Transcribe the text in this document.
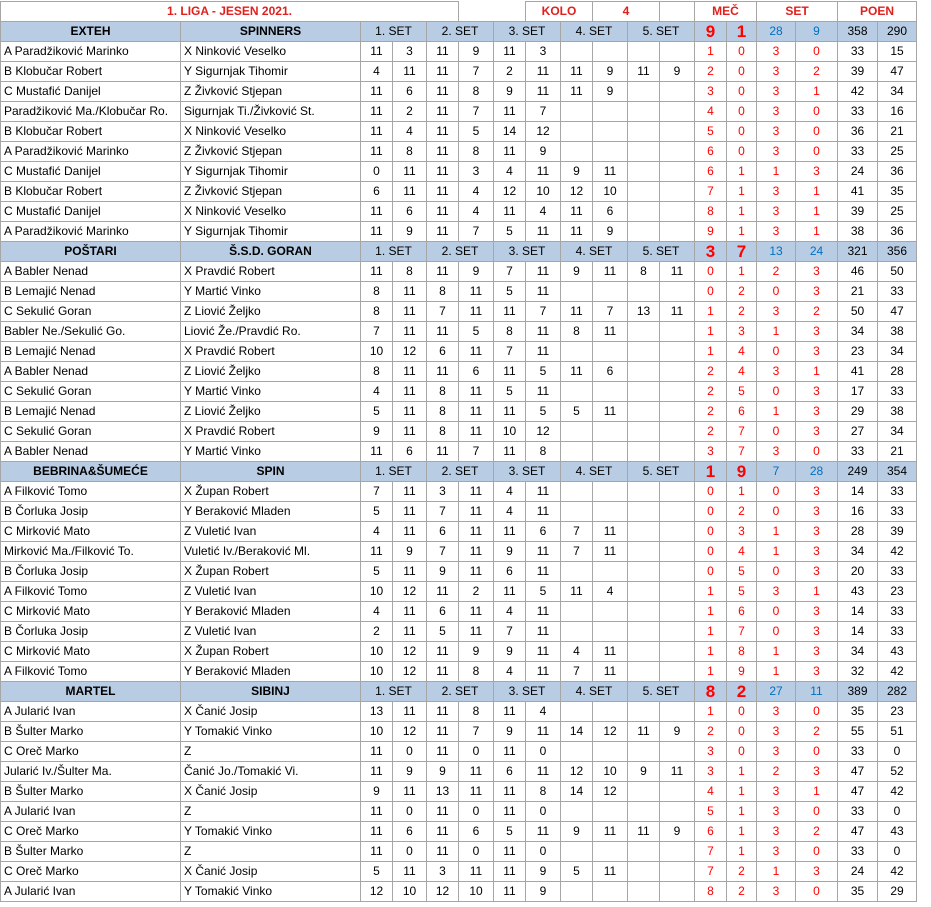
1. LIGA - JESEN 2021.							KOLO		4			MEČ		SET		POEN	
EXTEH	SPINNERS	1. SET		2. SET		3. SET		4. SET		5. SET		9	1	28	9	358	290
A Paradžiković Marinko	X Ninković Veselko	11	3	11	9	11	3					1	0	3	0	33	15
B Klobučar Robert	Y Sigurnjak Tihomir	4	11	11	7	2	11	11	9	11	9	2	0	3	2	39	47
C Mustafić Danijel	Z Živković Stjepan	11	6	11	8	9	11	11	9			3	0	3	1	42	34
Paradžiković Ma./Klobučar Ro.	Sigurnjak Ti./Živković St.	11	2	11	7	11	7					4	0	3	0	33	16
B Klobučar Robert	X Ninković Veselko	11	4	11	5	14	12					5	0	3	0	36	21
A Paradžiković Marinko	Z Živković Stjepan	11	8	11	8	11	9					6	0	3	0	33	25
C Mustafić Danijel	Y Sigurnjak Tihomir	0	11	11	3	4	11	9	11			6	1	1	3	24	36
B Klobučar Robert	Z Živković Stjepan	6	11	11	4	12	10	12	10			7	1	3	1	41	35
C Mustafić Danijel	X Ninković Veselko	11	6	11	4	11	4	11	6			8	1	3	1	39	25
A Paradžiković Marinko	Y Sigurnjak Tihomir	11	9	11	7	5	11	11	9			9	1	3	1	38	36
POŠTARI	Š.S.D. GORAN	1. SET		2. SET		3. SET		4. SET		5. SET		3	7	13	24	321	356
A Babler Nenad	X Pravdić Robert	11	8	11	9	7	11	9	11	8	11	0	1	2	3	46	50
B Lemajić Nenad	Y Martić Vinko	8	11	8	11	5	11					0	2	0	3	21	33
C Sekulić Goran	Z Liović Željko	8	11	7	11	11	7	11	7	13	11	1	2	3	2	50	47
Babler Ne./Sekulić Go.	Liović Že./Pravdić Ro.	7	11	11	5	8	11	8	11			1	3	1	3	34	38
B Lemajić Nenad	X Pravdić Robert	10	12	6	11	7	11					1	4	0	3	23	34
A Babler Nenad	Z Liović Željko	8	11	11	6	11	5	11	6			2	4	3	1	41	28
C Sekulić Goran	Y Martić Vinko	4	11	8	11	5	11					2	5	0	3	17	33
B Lemajić Nenad	Z Liović Željko	5	11	8	11	11	5	5	11			2	6	1	3	29	38
C Sekulić Goran	X Pravdić Robert	9	11	8	11	10	12					2	7	0	3	27	34
A Babler Nenad	Y Martić Vinko	11	6	11	7	11	8					3	7	3	0	33	21
BEBRINA&ŠUMEĆE	SPIN	1. SET		2. SET		3. SET		4. SET		5. SET		1	9	7	28	249	354
A Filković Tomo	X Župan Robert	7	11	3	11	4	11					0	1	0	3	14	33
B Čorluka Josip	Y Beraković Mladen	5	11	7	11	4	11					0	2	0	3	16	33
C Mirković Mato	Z Vuletić Ivan	4	11	6	11	11	6	7	11			0	3	1	3	28	39
Mirković Ma./Filković To.	Vuletić Iv./Beraković Ml.	11	9	7	11	9	11	7	11			0	4	1	3	34	42
B Čorluka Josip	X Župan Robert	5	11	9	11	6	11					0	5	0	3	20	33
A Filković Tomo	Z Vuletić Ivan	10	12	11	2	11	5	11	4			1	5	3	1	43	23
C Mirković Mato	Y Beraković Mladen	4	11	6	11	4	11					1	6	0	3	14	33
B Čorluka Josip	Z Vuletić Ivan	2	11	5	11	7	11					1	7	0	3	14	33
C Mirković Mato	X Župan Robert	10	12	11	9	9	11	4	11			1	8	1	3	34	43
A Filković Tomo	Y Beraković Mladen	10	12	11	8	4	11	7	11			1	9	1	3	32	42
MARTEL	SIBINJ	1. SET		2. SET		3. SET		4. SET		5. SET		8	2	27	11	389	282
A Jularić Ivan	X Čanić Josip	13	11	11	8	11	4					1	0	3	0	35	23
B Šulter Marko	Y Tomakić Vinko	10	12	11	7	9	11	14	12	11	9	2	0	3	2	55	51
C Oreč Marko	Z	11	0	11	0	11	0					3	0	3	0	33	0
Jularić Iv./Šulter Ma.	Čanić Jo./Tomakić Vi.	11	9	9	11	6	11	12	10	9	11	3	1	2	3	47	52
B Šulter Marko	X Čanić Josip	9	11	13	11	11	8	14	12			4	1	3	1	47	42
A Jularić Ivan	Z	11	0	11	0	11	0					5	1	3	0	33	0
C Oreč Marko	Y Tomakić Vinko	11	6	11	6	5	11	9	11	11	9	6	1	3	2	47	43
B Šulter Marko	Z	11	0	11	0	11	0					7	1	3	0	33	0
C Oreč Marko	X Čanić Josip	5	11	3	11	11	9	5	11			7	2	1	3	24	42
A Jularić Ivan	Y Tomakić Vinko	12	10	12	10	11	9					8	2	3	0	35	29
